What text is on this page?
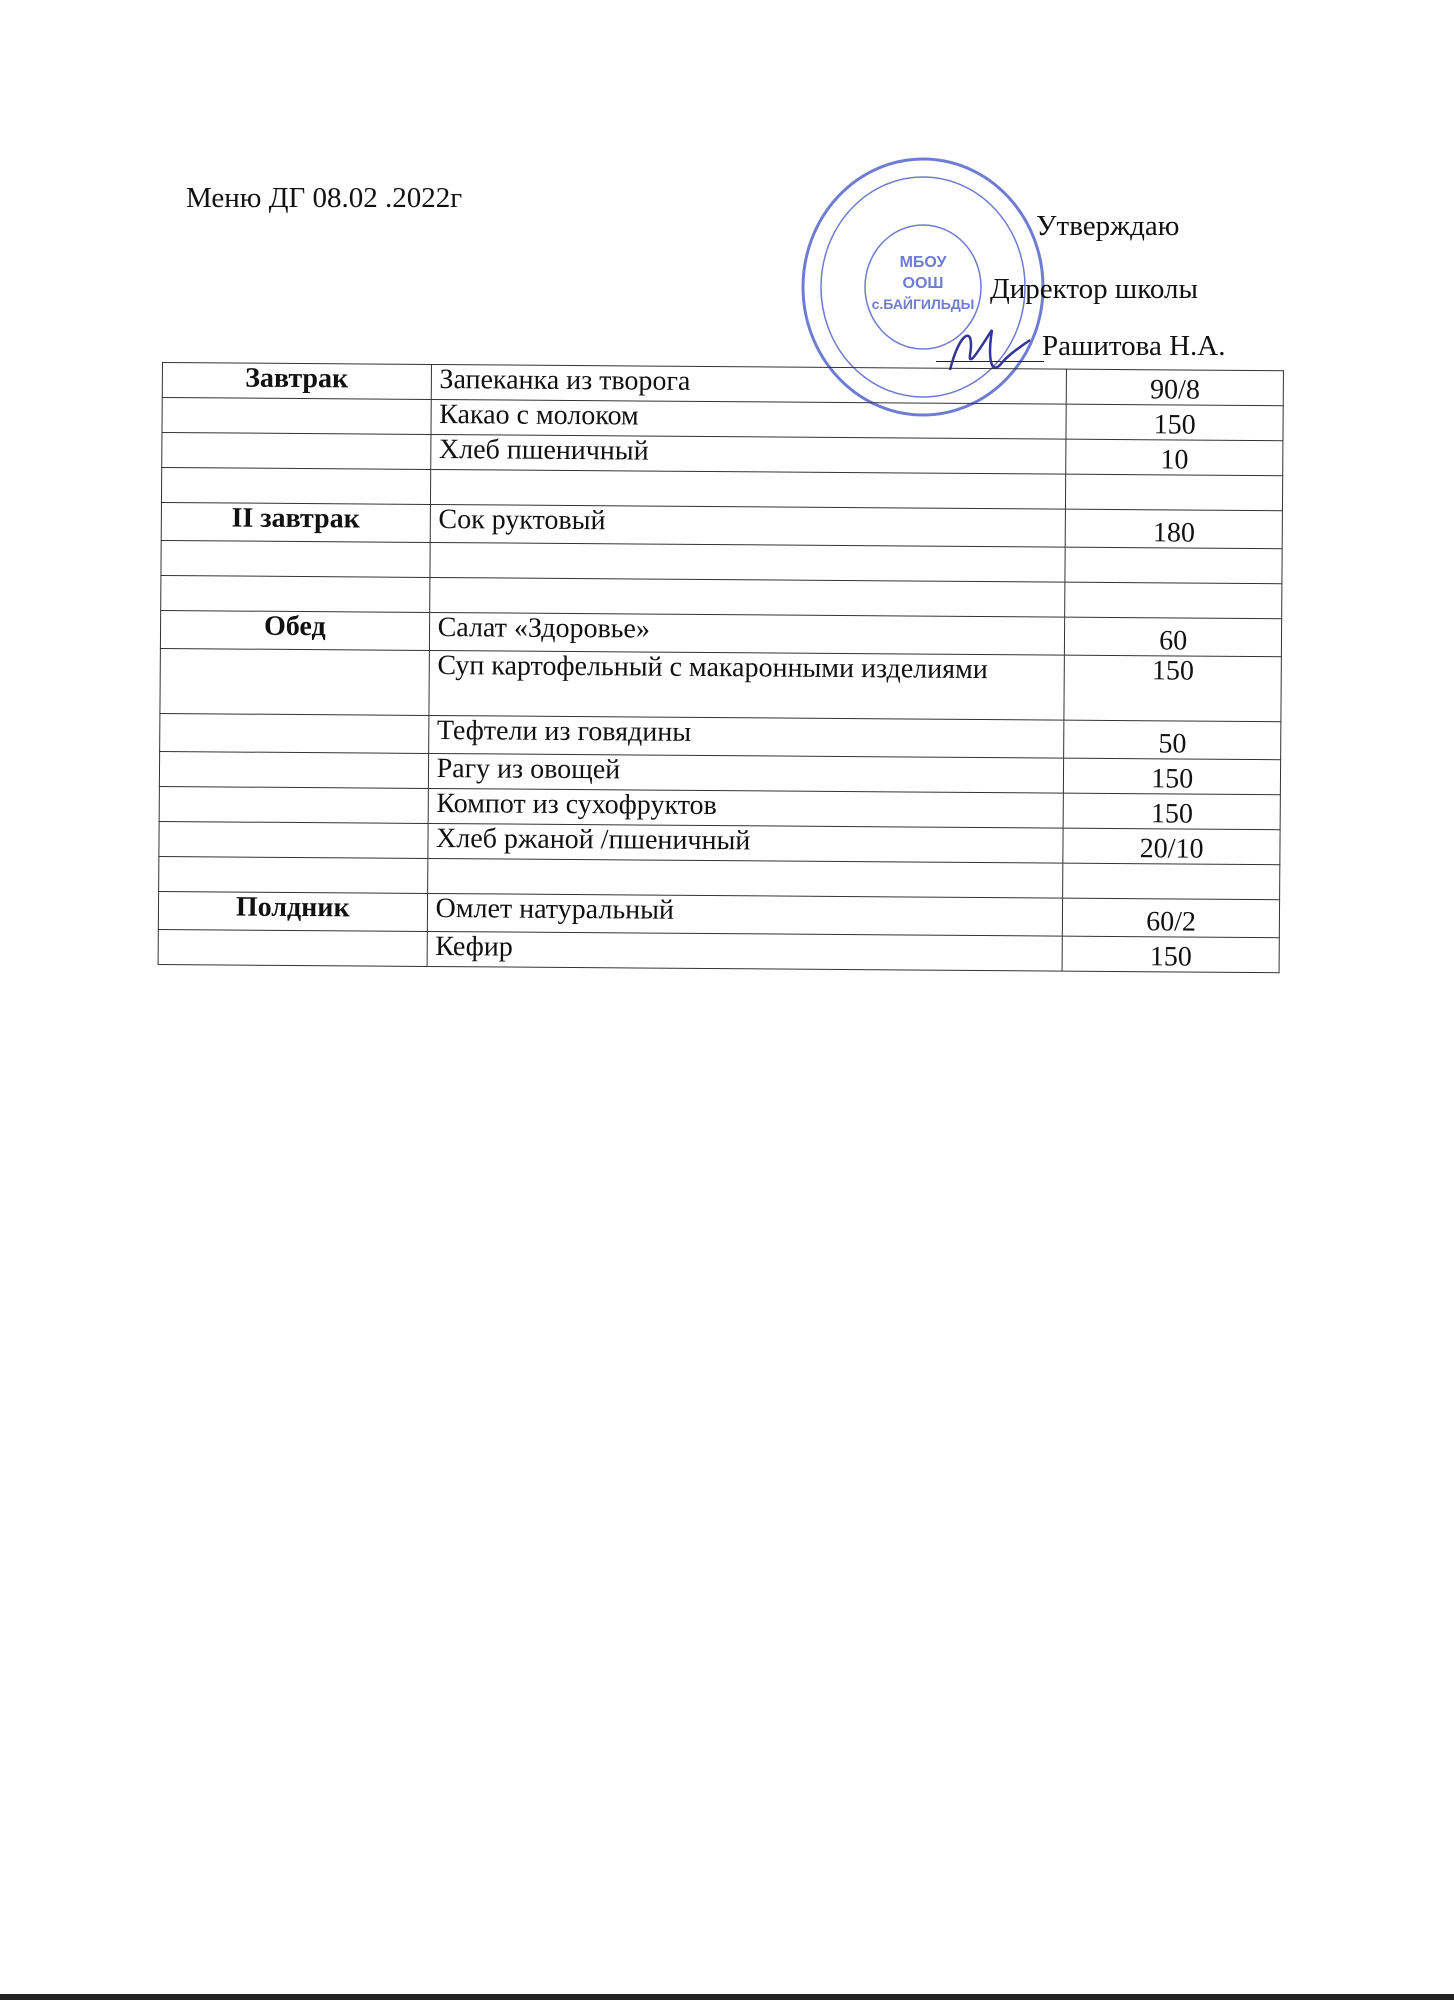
Меню ДГ 08.02 .2022г
МБОУ
ООШ
с.БАЙГИЛЬДЫ
Утверждаю
Директор школы
Рашитова Н.А.
Завтрак	Запеканка из творога	90/8
	Какао с молоком	150
	Хлеб пшеничный	10

II завтрак	Сок руктовый	180

Обед	Салат «Здоровье»	60
	Суп картофельный с макаронными изделиями	150
	Тефтели из говядины	50
	Рагу из овощей	150
	Компот из сухофруктов	150
	Хлеб ржаной /пшеничный	20/10

Полдник	Омлет натуральный	60/2
	Кефир	150
